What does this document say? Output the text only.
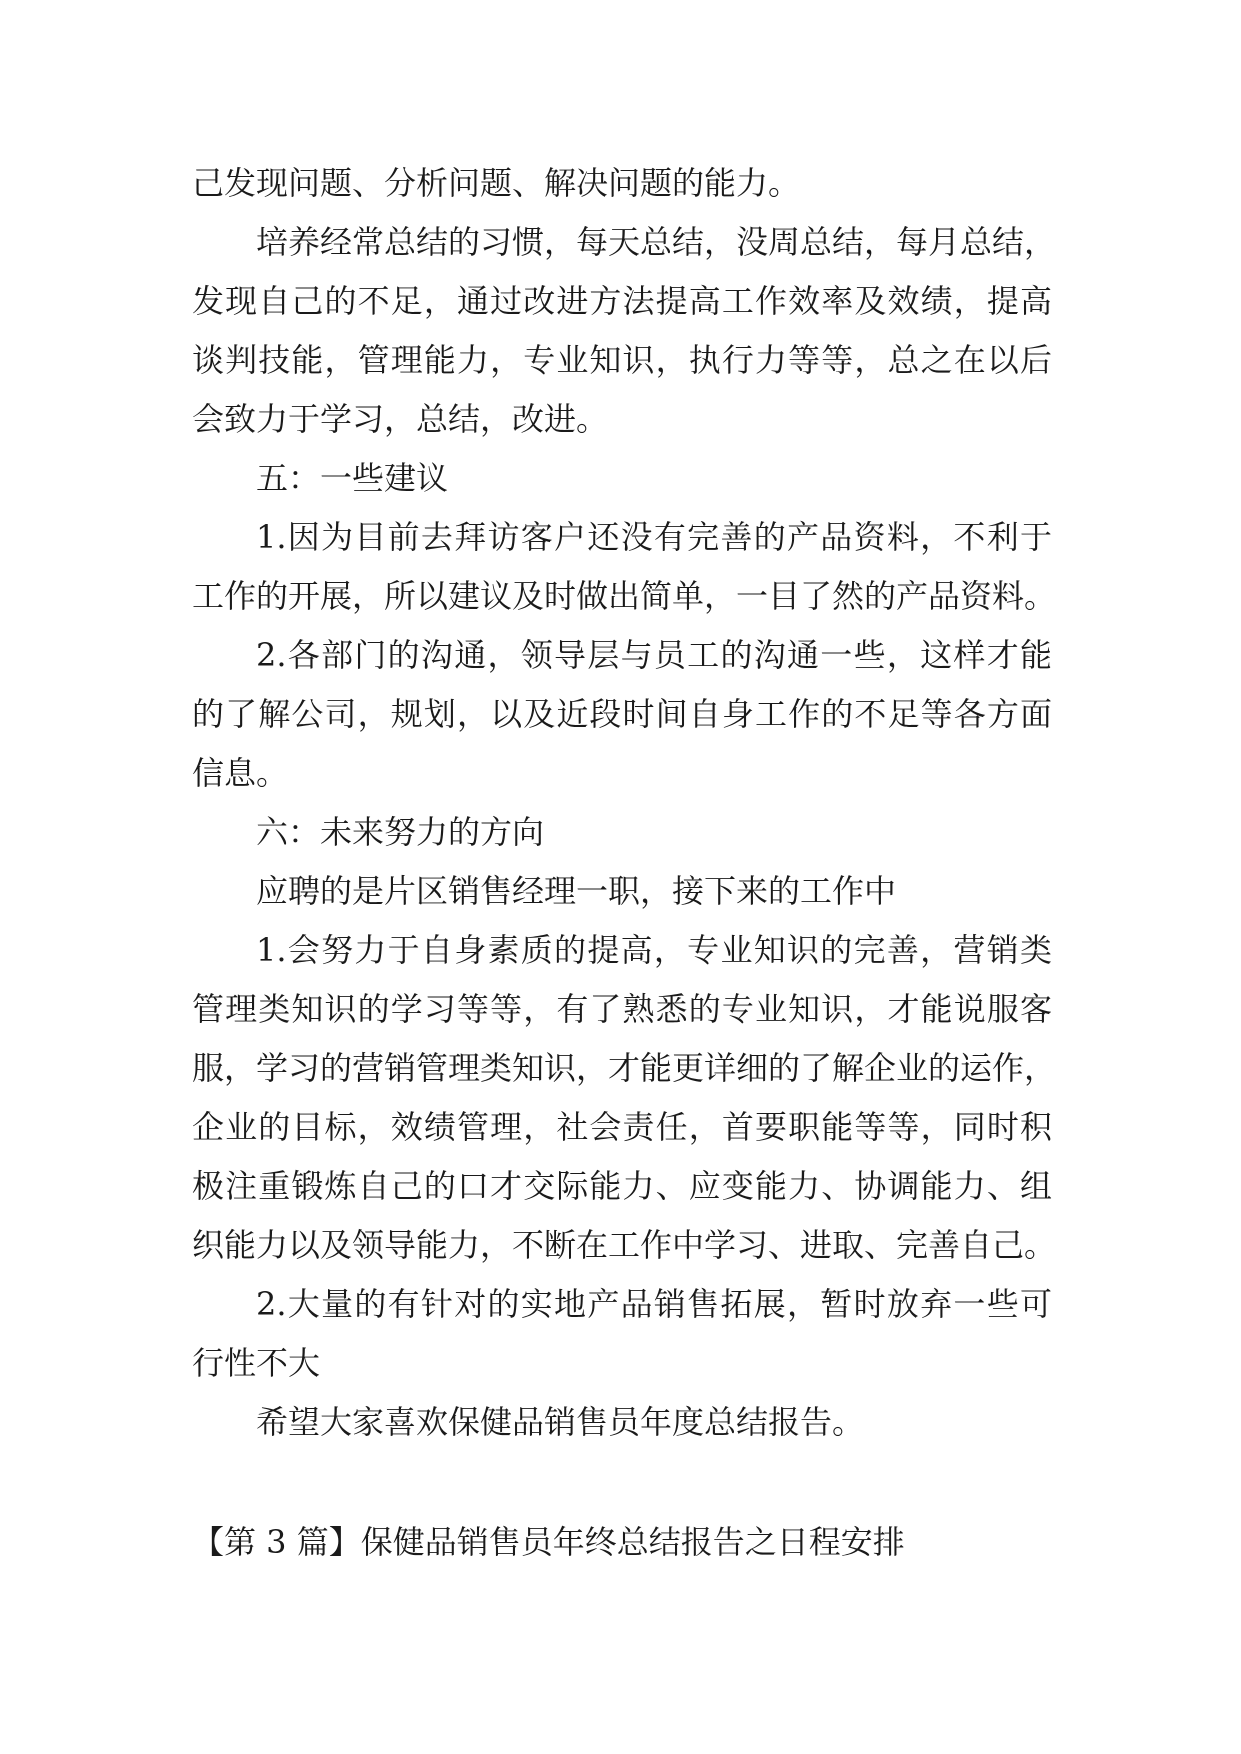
己发现问题、分析问题、解决问题的能力。
培养经常总结的习惯，每天总结，没周总结，每月总结，
发现自己的不足，通过改进方法提高工作效率及效绩，提高
谈判技能，管理能力，专业知识，执行力等等，总之在以后
会致力于学习，总结，改进。
五：一些建议
1.因为目前去拜访客户还没有完善的产品资料，不利于
工作的开展，所以建议及时做出简单，一目了然的产品资料。
2.各部门的沟通，领导层与员工的沟通一些，这样才能
的了解公司，规划，以及近段时间自身工作的不足等各方面
信息。
六：未来努力的方向
应聘的是片区销售经理一职，接下来的工作中
1.会努力于自身素质的提高，专业知识的完善，营销类
管理类知识的学习等等，有了熟悉的专业知识，才能说服客
服，学习的营销管理类知识，才能更详细的了解企业的运作，
企业的目标，效绩管理，社会责任，首要职能等等，同时积
极注重锻炼自己的口才交际能力、应变能力、协调能力、组
织能力以及领导能力，不断在工作中学习、进取、完善自己。
2.大量的有针对的实地产品销售拓展，暂时放弃一些可
行性不大
希望大家喜欢保健品销售员年度总结报告。
【第 3 篇】保健品销售员年终总结报告之日程安排
